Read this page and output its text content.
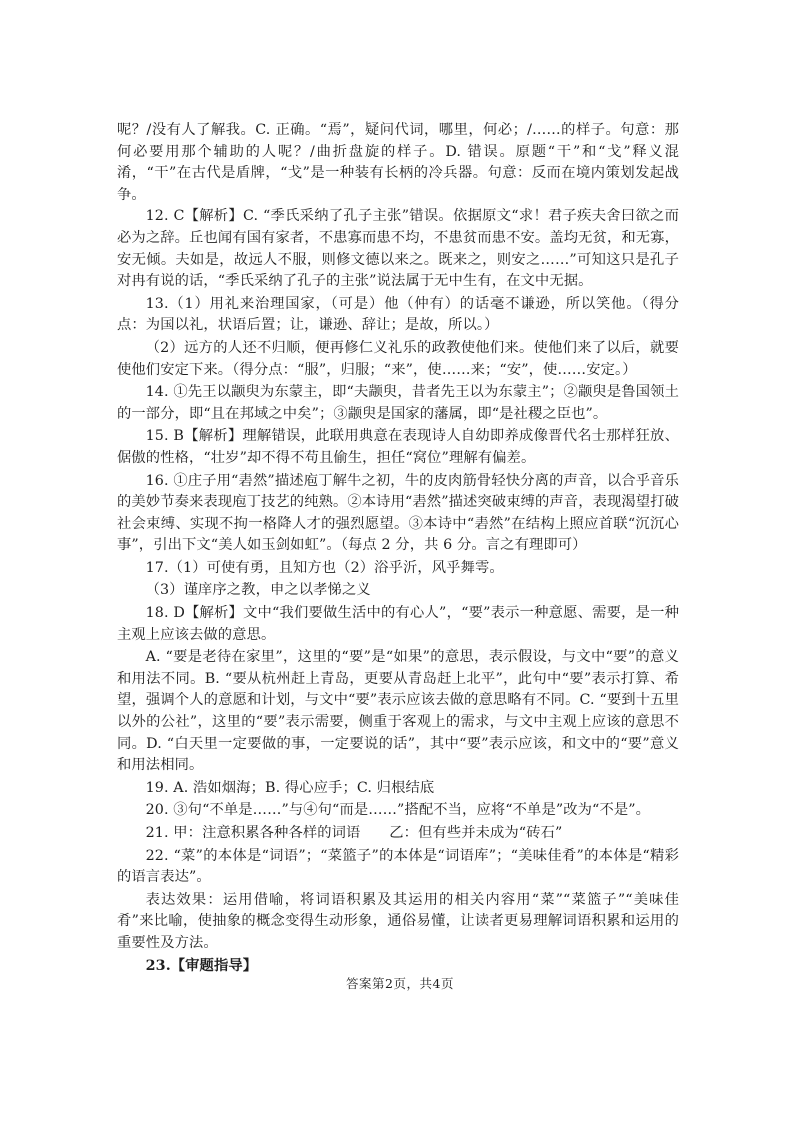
呢？/没有人了解我。C. 正确。“焉”，疑问代词，哪里，何必；/……的样子。句意：那何必要用那个辅助的人呢？/曲折盘旋的样子。D. 错误。原题“干”和“戈”释义混淆，“干”在古代是盾牌，“戈”是一种装有长柄的冷兵器。句意：反而在境内策划发起战争。

12. C【解析】C. “季氏采纳了孔子主张”错误。依据原文“求！君子疾夫舍曰欲之而必为之辞。丘也闻有国有家者，不患寡而患不均，不患贫而患不安。盖均无贫，和无寡，安无倾。夫如是，故远人不服，则修文德以来之。既来之，则安之……”可知这只是孔子对冉有说的话，“季氏采纳了孔子的主张”说法属于无中生有，在文中无据。

13.（1）用礼来治理国家，（可是）他（仲有）的话毫不谦逊，所以笑他。（得分点：为国以礼，状语后置；让，谦逊、辞让；是故，所以。）

（2）远方的人还不归顺，便再修仁义礼乐的政教使他们来。使他们来了以后，就要使他们安定下来。（得分点：“服”，归服；“来”，使……来；“安”，使……安定。）

14. ①先王以颛臾为东蒙主，即“夫颛臾，昔者先王以为东蒙主”；②颛臾是鲁国领土的一部分，即“且在邦域之中矣”；③颛臾是国家的藩属，即“是社稷之臣也”。

15. B【解析】理解错误，此联用典意在表现诗人自幼即养成像晋代名士那样狂放、倨傲的性格，“壮岁”却不得不苟且偷生，担任“窝位”理解有偏差。

16. ①庄子用“砉然”描述庖丁解牛之初，牛的皮肉筋骨轻快分离的声音，以合乎音乐的美妙节奏来表现庖丁技艺的纯熟。②本诗用“砉然”描述突破束缚的声音，表现渴望打破社会束缚、实现不拘一格降人才的强烈愿望。③本诗中“砉然”在结构上照应首联“沉沉心事”，引出下文“美人如玉剑如虹”。（每点 2 分，共 6 分。言之有理即可）

17.（1）可使有勇，且知方也（2）浴乎沂，风乎舞雩。

（3）谨庠序之教，申之以孝悌之义

18. D【解析】文中“我们要做生活中的有心人”，“要”表示一种意愿、需要，是一种主观上应该去做的意思。

A. “要是老待在家里”，这里的“要”是“如果”的意思，表示假设，与文中“要”的意义和用法不同。B. “要从杭州赶上青岛，更要从青岛赶上北平”，此句中“要”表示打算、希望，强调个人的意愿和计划，与文中“要”表示应该去做的意思略有不同。C. “要到十五里以外的公社”，这里的“要”表示需要，侧重于客观上的需求，与文中主观上应该的意思不同。D. “白天里一定要做的事，一定要说的话”，其中“要”表示应该，和文中的“要”意义和用法相同。

19. A. 浩如烟海；B. 得心应手；C. 归根结底

20. ③句“不单是……”与④句“而是……”搭配不当，应将“不单是”改为“不是”。

21. 甲：注意积累各种各样的词语　　乙：但有些并未成为“砖石”

22. “菜”的本体是“词语”；“菜篮子”的本体是“词语库”；“美味佳肴”的本体是“精彩的语言表达”。

表达效果：运用借喻，将词语积累及其运用的相关内容用“菜”“菜篮子”“美味佳肴”来比喻，使抽象的概念变得生动形象，通俗易懂，让读者更易理解词语积累和运用的重要性及方法。

23.【审题指导】

答案第2页，共4页
